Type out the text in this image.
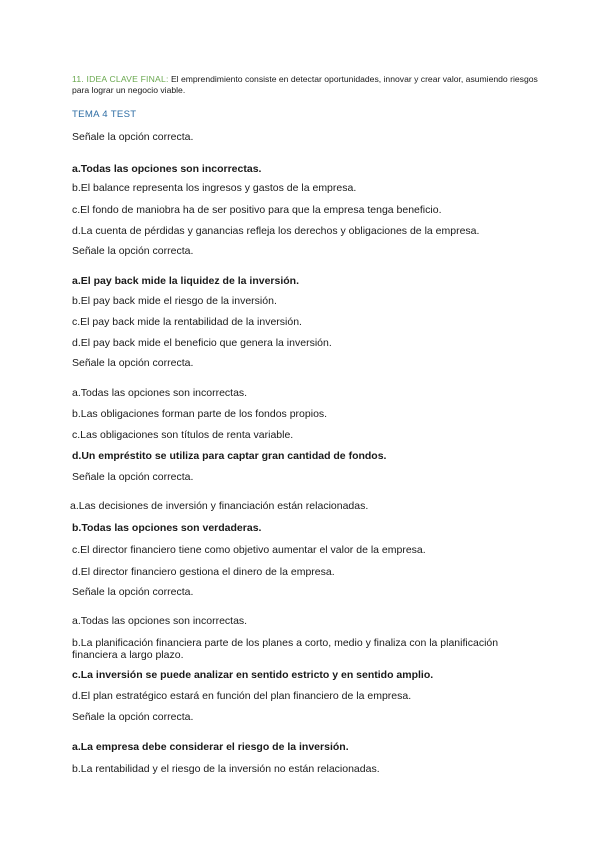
11. IDEA CLAVE FINAL: El emprendimiento consiste en detectar oportunidades, innovar y crear valor, asumiendo riesgos para lograr un negocio viable.
TEMA 4 TEST
Señale la opción correcta.
a.Todas las opciones son incorrectas.
b.El balance representa los ingresos y gastos de la empresa.
c.El fondo de maniobra ha de ser positivo para que la empresa tenga beneficio.
d.La cuenta de pérdidas y ganancias refleja los derechos y obligaciones de la empresa.
Señale la opción correcta.
a.El pay back mide la liquidez de la inversión.
b.El pay back mide el riesgo de la inversión.
c.El pay back mide la rentabilidad de la inversión.
d.El pay back mide el beneficio que genera la inversión.
Señale la opción correcta.
a.Todas las opciones son incorrectas.
b.Las obligaciones forman parte de los fondos propios.
c.Las obligaciones son títulos de renta variable.
d.Un empréstito se utiliza para captar gran cantidad de fondos.
Señale la opción correcta.
a.Las decisiones de inversión y financiación están relacionadas.
b.Todas las opciones son verdaderas.
c.El director financiero tiene como objetivo aumentar el valor de la empresa.
d.El director financiero gestiona el dinero de la empresa.
Señale la opción correcta.
a.Todas las opciones son incorrectas.
b.La planificación financiera parte de los planes a corto, medio y finaliza con la planificación financiera a largo plazo.
c.La inversión se puede analizar en sentido estricto y en sentido amplio.
d.El plan estratégico estará en función del plan financiero de la empresa.
Señale la opción correcta.
a.La empresa debe considerar el riesgo de la inversión.
b.La rentabilidad y el riesgo de la inversión no están relacionadas.
